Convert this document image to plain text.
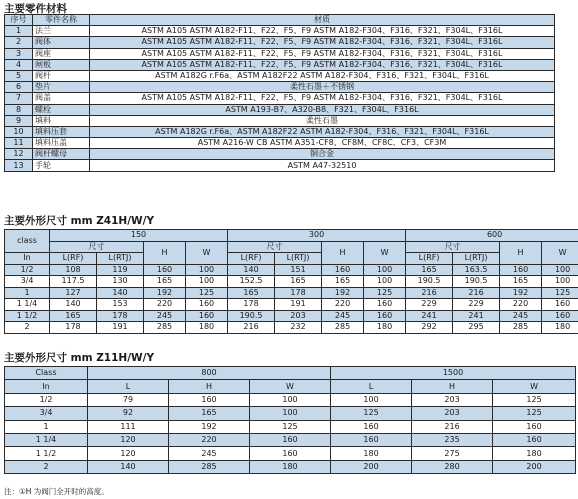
主要零件材料
序号	零件名称	材质
1	法兰	ASTM A105 ASTM A182-F11、F22、F5、F9 ASTM A182-F304、F316、F321、F304L、F316L
2	阀体	ASTM A105 ASTM A182-F11、F22、F5、F9 ASTM A182-F304、F316、F321、F304L、F316L
3	阀座	ASTM A105 ASTM A182-F11、F22、F5、F9 ASTM A182-F304、F316、F321、F304L、F316L
4	闸板	ASTM A105 ASTM A182-F11、F22、F5、F9 ASTM A182-F304、F316、F321、F304L、F316L
5	阀杆	ASTM A182G r.F6a、ASTM A182F22 ASTM A182-F304、F316、F321、F304L、F316L
6	垫片	柔性石墨＋不锈钢
7	阀盖	ASTM A105 ASTM A182-F11、F22、F5、F9 ASTM A182-F304、F316、F321、F304L、F316L
8	螺栓	ASTM A193-B7、A320-B8、F321、F304L、F316L
9	填料	柔性石墨
10	填料压套	ASTM A182G r.F6a、ASTM A182F22 ASTM A182-F304、F316、F321、F304L、F316L
11	填料压盖	ASTM A216-W CB ASTM A351-CF8、CF8M、CF8C、CF3、CF3M
12	阀杆螺母	铜合金
13	手轮	ASTM A47-32510
主要外形尺寸 mm Z41H/W/Y
class	150				300				600			
	尺寸		H	W	尺寸		H	W	尺寸		H	W
In	L(RF)	L(RTJ)			L(RF)	L(RTJ)			L(RF)	L(RTJ)		
1/2	108	119	160	100	140	151	160	100	165	163.5	160	100
3/4	117.5	130	165	100	152.5	165	165	100	190.5	190.5	165	100
1	127	140	192	125	165	178	192	125	216	216	192	125
1 1/4	140	153	220	160	178	191	220	160	229	229	220	160
1 1/2	165	178	245	160	190.5	203	245	160	241	241	245	160
2	178	191	285	180	216	232	285	180	292	295	285	180
主要外形尺寸 mm Z11H/W/Y
Class	800			1500		
In	L	H	W	L	H	W
1/2	79	160	100	100	203	125
3/4	92	165	100	125	203	125
1	111	192	125	160	216	160
1 1/4	120	220	160	160	235	160
1 1/2	120	245	160	180	275	180
2	140	285	180	200	280	200
注：①H 为阀门全开时的高度。
